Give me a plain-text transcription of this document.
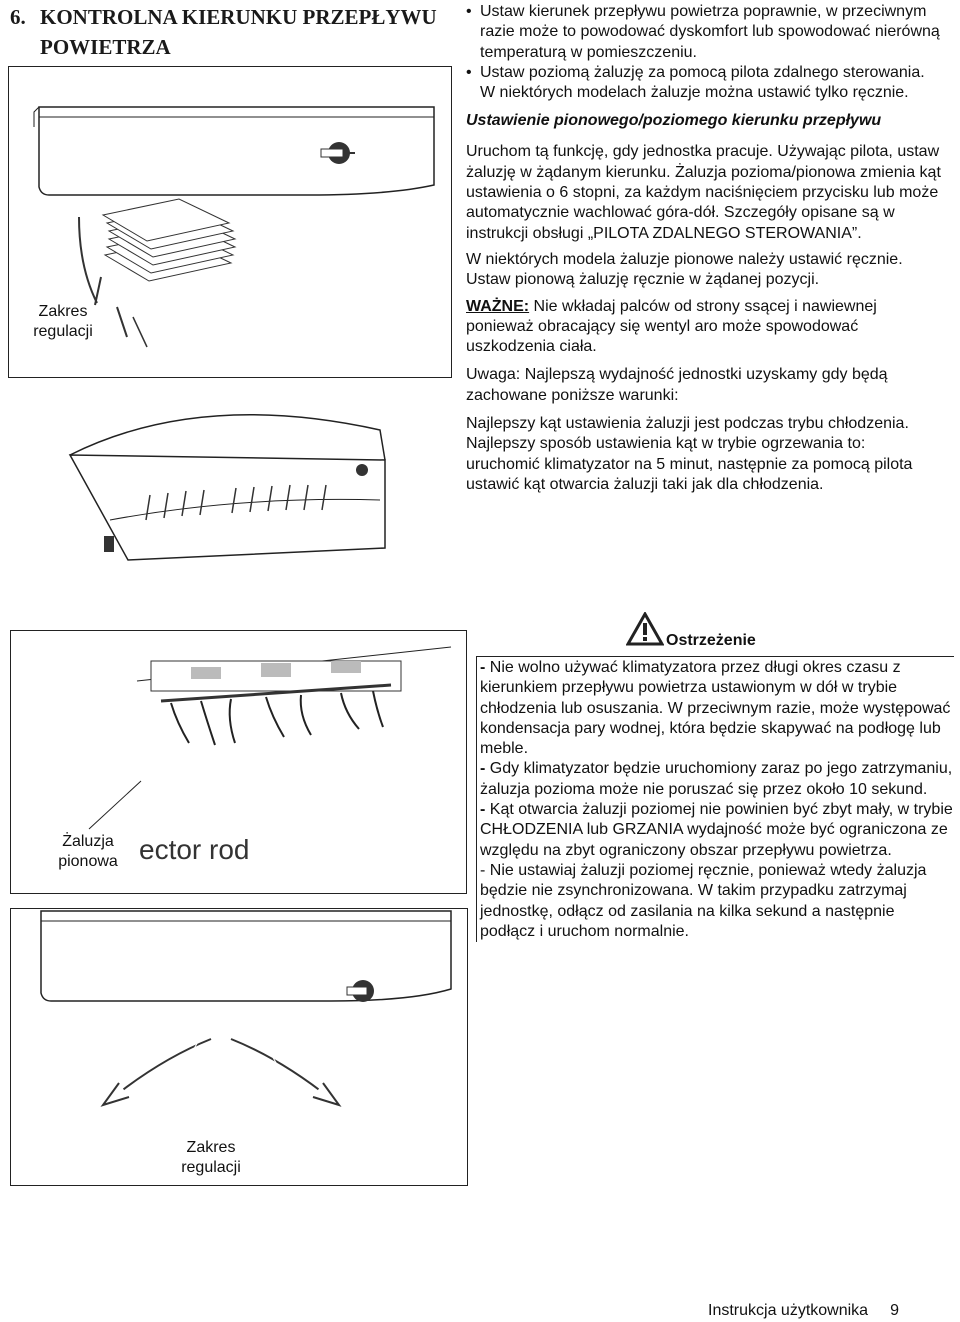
6. KONTROLNA KIERUNKU PRZEPŁYWU POWIETRZA
Zakres regulacji
ector rod
Żaluzja pionowa
Zakres regulacji
• Ustaw kierunek przepływu powietrza poprawnie, w przeciwnym razie może to powodować dyskomfort lub spowodować nierówną temperaturą w pomieszczeniu.
• Ustaw poziomą żaluzję za pomocą pilota zdalnego sterowania. W niektórych modelach żaluzje można ustawić tylko ręcznie.

Ustawienie pionowego/poziomego kierunku przepływu

Uruchom tą funkcję, gdy jednostka pracuje. Używając pilota, ustaw żaluzję w żądanym kierunku. Żaluzja pozioma/pionowa zmienia kąt ustawienia o 6 stopni, za każdym naciśnięciem przycisku lub może automatycznie wachlować góra-dół. Szczegóły opisane są w instrukcji obsługi „PILOTA ZDALNEGO STEROWANIA”.

W niektórych modela żaluzje pionowe należy ustawić ręcznie. Ustaw pionową żaluzję ręcznie w żądanej pozycji.

WAŻNE: Nie wkładaj palców od strony ssącej i nawiewnej ponieważ obracający się wentyl aro może spowodować uszkodzenia ciała.

Uwaga: Najlepszą wydajność jednostki uzyskamy gdy będą zachowane poniższe warunki:

Najlepszy kąt ustawienia żaluzji jest podczas trybu chłodzenia. Najlepszy sposób ustawienia kąt w trybie ogrzewania to: uruchomić klimatyzator na 5 minut, następnie za pomocą pilota ustawić kąt otwarcia żaluzji taki jak dla chłodzenia.

Ostrzeżenie

- Nie wolno używać klimatyzatora przez długi okres czasu z kierunkiem przepływu powietrza ustawionym w dół w trybie chłodzenia lub osuszania. W przeciwnym razie, może występować kondensacja pary wodnej, która będzie skapywać na podłogę lub meble.

- Gdy klimatyzator będzie uruchomiony zaraz po jego zatrzymaniu, żaluzja pozioma może nie poruszać się przez około 10 sekund.

- Kąt otwarcia żaluzji poziomej nie powinien być zbyt mały, w trybie CHŁODZENIA lub GRZANIA wydajność może być ograniczona ze względu na zbyt ograniczony obszar przepływu powietrza.

- Nie ustawiaj żaluzji poziomej ręcznie, ponieważ wtedy żaluzja będzie nie zsynchronizowana. W takim przypadku zatrzymaj jednostkę, odłącz od zasilania na kilka sekund a następnie podłącz i uruchom normalnie.

Instrukcja użytkownika 9
